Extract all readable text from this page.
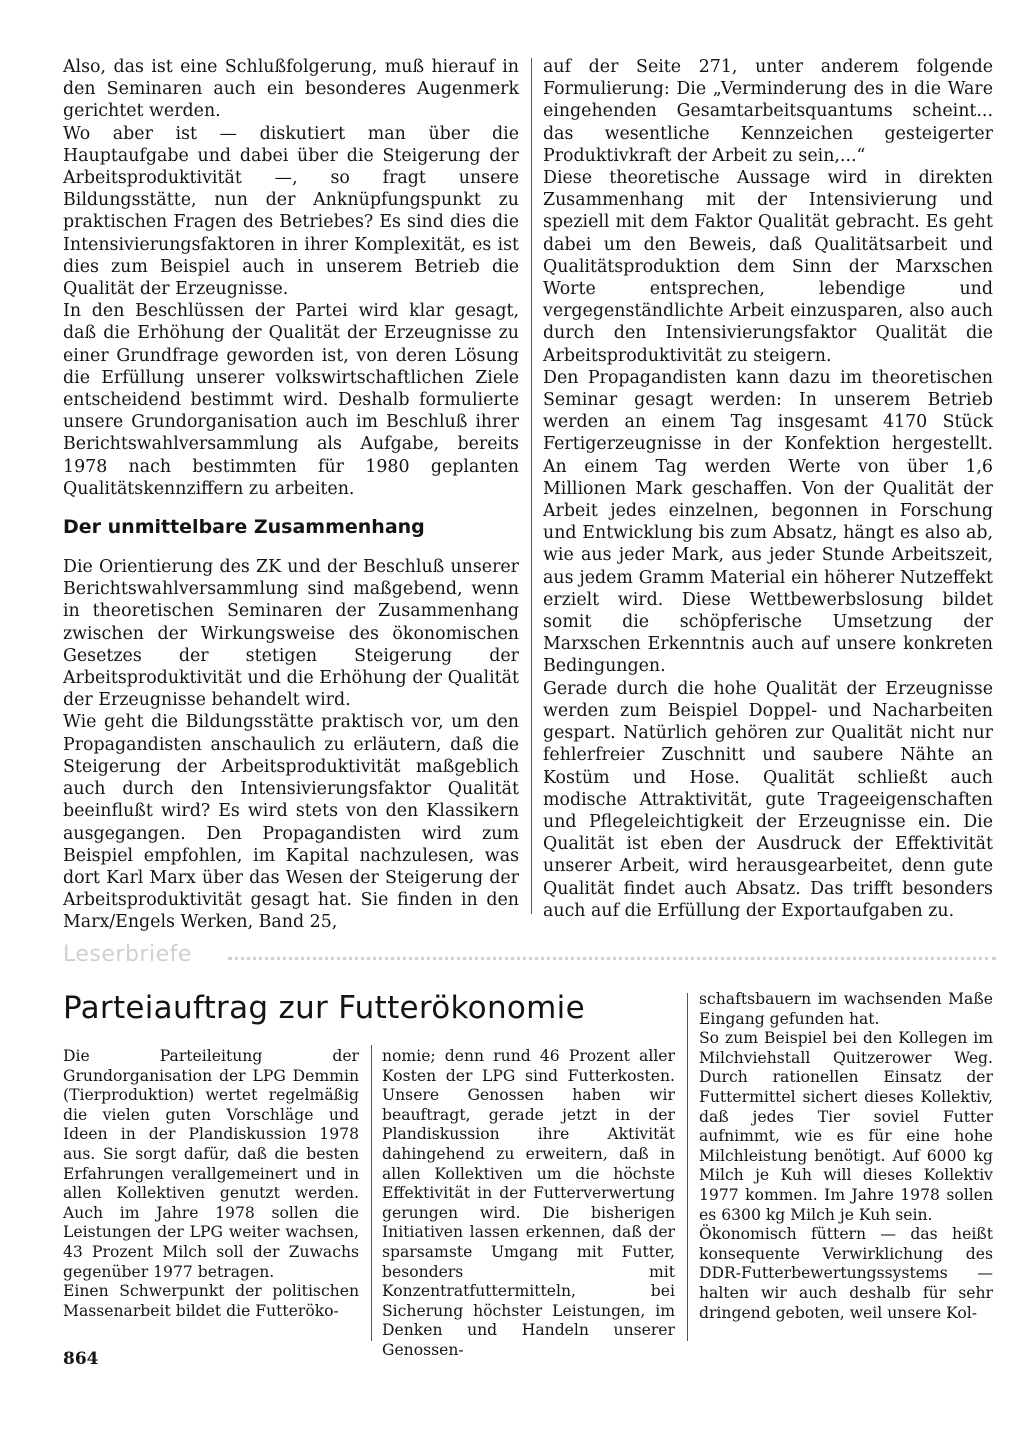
Also, das ist eine Schlußfolgerung, muß hierauf in den Seminaren auch ein besonderes Augenmerk gerichtet werden.

Wo aber ist — diskutiert man über die Hauptaufgabe und dabei über die Steigerung der Arbeitsproduktivität —, so fragt unsere Bildungsstätte, nun der Anknüpfungspunkt zu praktischen Fragen des Betriebes? Es sind dies die Intensivierungsfaktoren in ihrer Komplexität, es ist dies zum Beispiel auch in unserem Betrieb die Qualität der Erzeugnisse.

In den Beschlüssen der Partei wird klar gesagt, daß die Erhöhung der Qualität der Erzeugnisse zu einer Grundfrage geworden ist, von deren Lösung die Erfüllung unserer volkswirtschaftlichen Ziele entscheidend bestimmt wird. Deshalb formulierte unsere Grundorganisation auch im Beschluß ihrer Berichtswahlversammlung als Aufgabe, bereits 1978 nach bestimmten für 1980 geplanten Qualitätskennziffern zu arbeiten.

Der unmittelbare Zusammenhang

Die Orientierung des ZK und der Beschluß unserer Berichtswahlversammlung sind maßgebend, wenn in theoretischen Seminaren der Zusammenhang zwischen der Wirkungsweise des ökonomischen Gesetzes der stetigen Steigerung der Arbeitsproduktivität und die Erhöhung der Qualität der Erzeugnisse behandelt wird.

Wie geht die Bildungsstätte praktisch vor, um den Propagandisten anschaulich zu erläutern, daß die Steigerung der Arbeitsproduktivität maßgeblich auch durch den Intensivierungsfaktor Qualität beeinflußt wird? Es wird stets von den Klassikern ausgegangen. Den Propagandisten wird zum Beispiel empfohlen, im Kapital nachzulesen, was dort Karl Marx über das Wesen der Steigerung der Arbeitsproduktivität gesagt hat. Sie finden in den Marx/Engels Werken, Band 25,

auf der Seite 271, unter anderem folgende Formulierung: Die „Verminderung des in die Ware eingehenden Gesamtarbeitsquantums scheint... das wesentliche Kennzeichen gesteigerter Produktivkraft der Arbeit zu sein,...“

Diese theoretische Aussage wird in direkten Zusammenhang mit der Intensivierung und speziell mit dem Faktor Qualität gebracht. Es geht dabei um den Beweis, daß Qualitätsarbeit und Qualitätsproduktion dem Sinn der Marxschen Worte entsprechen, lebendige und vergegenständlichte Arbeit einzusparen, also auch durch den Intensivierungsfaktor Qualität die Arbeitsproduktivität zu steigern.

Den Propagandisten kann dazu im theoretischen Seminar gesagt werden: In unserem Betrieb werden an einem Tag insgesamt 4170 Stück Fertigerzeugnisse in der Konfektion hergestellt. An einem Tag werden Werte von über 1,6 Millionen Mark geschaffen. Von der Qualität der Arbeit jedes einzelnen, begonnen in Forschung und Entwicklung bis zum Absatz, hängt es also ab, wie aus jeder Mark, aus jeder Stunde Arbeitszeit, aus jedem Gramm Material ein höherer Nutzeffekt erzielt wird. Diese Wettbewerbslosung bildet somit die schöpferische Umsetzung der Marxschen Erkenntnis auch auf unsere konkreten Bedingungen.

Gerade durch die hohe Qualität der Erzeugnisse werden zum Beispiel Doppel- und Nacharbeiten gespart. Natürlich gehören zur Qualität nicht nur fehlerfreier Zuschnitt und saubere Nähte an Kostüm und Hose. Qualität schließt auch modische Attraktivität, gute Trageeigenschaften und Pflegeleichtigkeit der Erzeugnisse ein. Die Qualität ist eben der Ausdruck der Effektivität unserer Arbeit, wird herausgearbeitet, denn gute Qualität findet auch Absatz. Das trifft besonders auch auf die Erfüllung der Exportaufgaben zu.

Leserbriefe
Parteiauftrag zur Futterökonomie

Die Parteileitung der Grundorganisation der LPG Demmin (Tierproduktion) wertet regelmäßig die vielen guten Vorschläge und Ideen in der Plandiskussion 1978 aus. Sie sorgt dafür, daß die besten Erfahrungen verallgemeinert und in allen Kollektiven genutzt werden. Auch im Jahre 1978 sollen die Leistungen der LPG weiter wachsen, 43 Prozent Milch soll der Zuwachs gegenüber 1977 betragen.

Einen Schwerpunkt der politischen Massenarbeit bildet die Futteröko-

nomie; denn rund 46 Prozent aller Kosten der LPG sind Futterkosten. Unsere Genossen haben wir beauftragt, gerade jetzt in der Plandiskussion ihre Aktivität dahingehend zu erweitern, daß in allen Kollektiven um die höchste Effektivität in der Futterverwertung gerungen wird. Die bisherigen Initiativen lassen erkennen, daß der sparsamste Umgang mit Futter, besonders mit Konzentratfuttermitteln, bei Sicherung höchster Leistungen, im Denken und Handeln unserer Genossen-

schaftsbauern im wachsenden Maße Eingang gefunden hat.

So zum Beispiel bei den Kollegen im Milchviehstall Quitzerower Weg. Durch rationellen Einsatz der Futtermittel sichert dieses Kollektiv, daß jedes Tier soviel Futter aufnimmt, wie es für eine hohe Milchleistung benötigt. Auf 6000 kg Milch je Kuh will dieses Kollektiv 1977 kommen. Im Jahre 1978 sollen es 6300 kg Milch je Kuh sein.

Ökonomisch füttern — das heißt konsequente Verwirklichung des DDR-Futterbewertungssystems — halten wir auch deshalb für sehr dringend geboten, weil unsere Kol-

864
